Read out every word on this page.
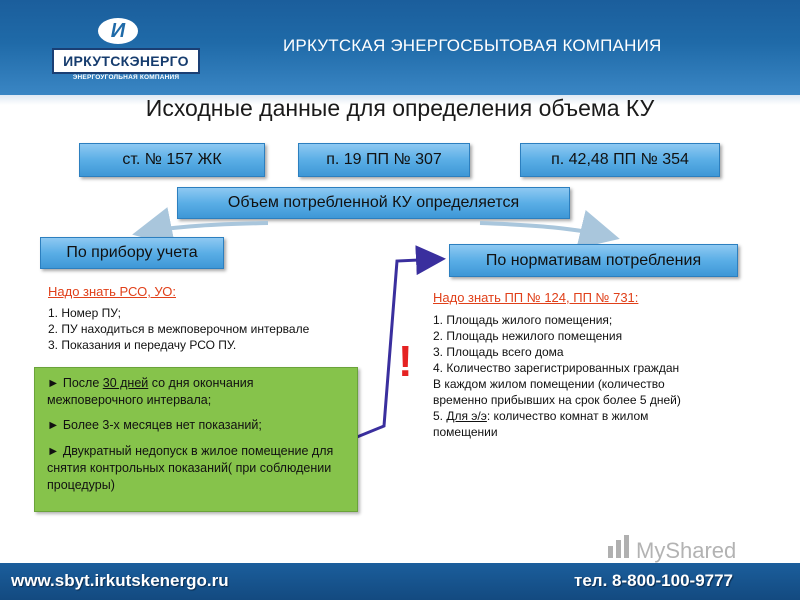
И
ИРКУТСКЭНЕРГО
ЭНЕРГОУГОЛЬНАЯ КОМПАНИЯ
ИРКУТСКАЯ ЭНЕРГОСБЫТОВАЯ КОМПАНИЯ
Исходные данные для определения объема КУ
ст. № 157 ЖК	п. 19 ПП № 307	п. 42,48 ПП № 354
Объем потребленной КУ определяется
По прибору учета	По нормативам потребления
Надо знать РСО, УО:
1. Номер ПУ;
2. ПУ находиться в межповерочном интервале
3. Показания и передачу РСО ПУ.
► После 30 дней со дня окончания межповерочного интервала;
► Более 3-х месяцев нет показаний;
► Двукратный недопуск в жилое помещение для снятия контрольных показаний( при соблюдении процедуры)
!
Надо знать ПП № 124, ПП № 731:
1. Площадь жилого помещения;
2. Площадь нежилого помещения
3. Площадь всего дома
4. Количество зарегистрированных граждан
В каждом жилом помещении (количество
временно прибывших на срок более 5 дней)
5. Для э/э: количество комнат в жилом
помещении
MyShared
www.sbyt.irkutskenergo.ru	тел. 8-800-100-9777
